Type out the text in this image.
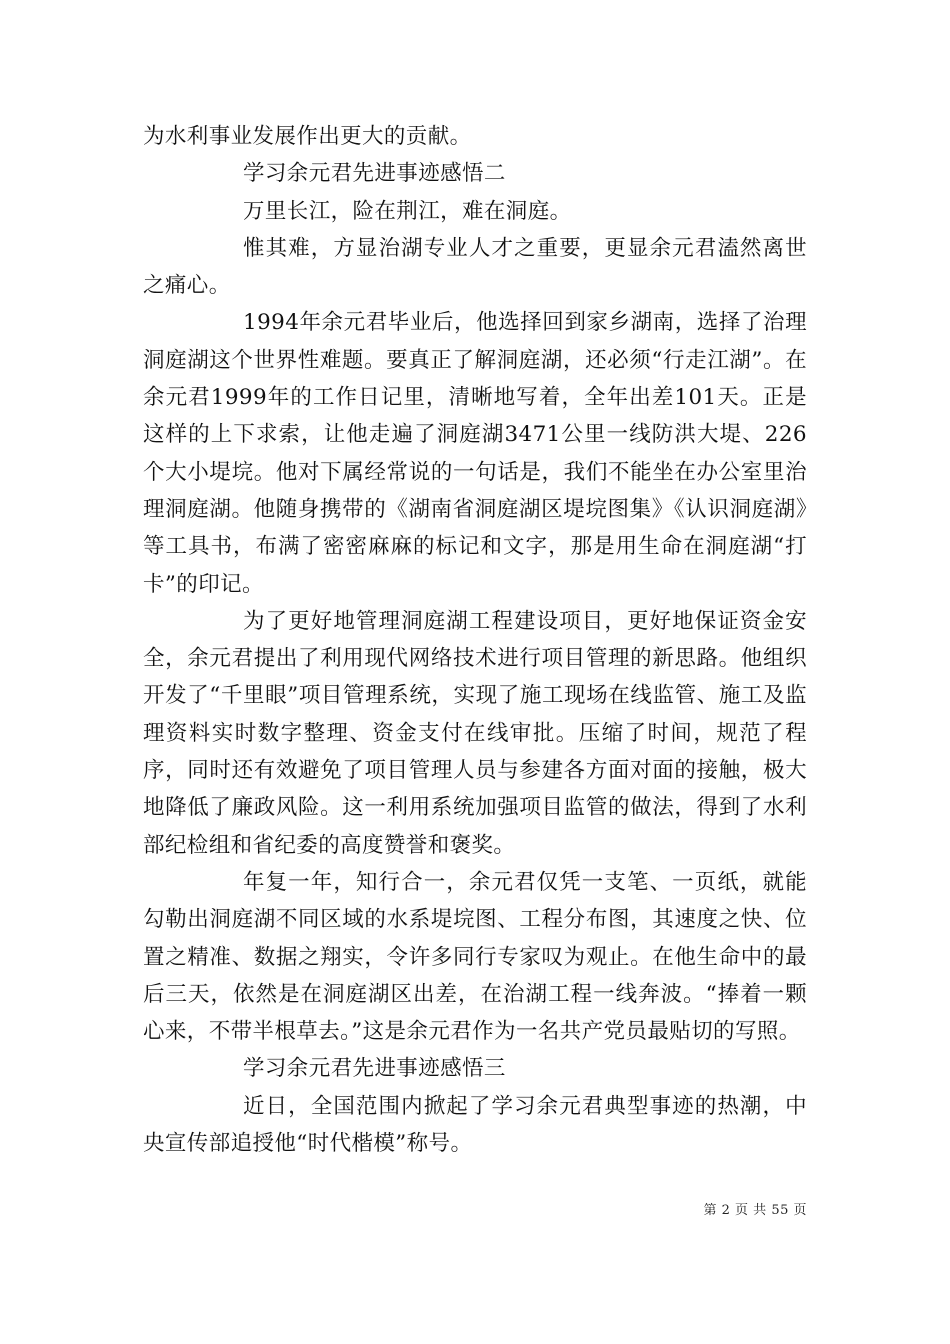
为水利事业发展作出更大的贡献。

学习余元君先进事迹感悟二

万里长江，险在荆江，难在洞庭。

惟其难，方显治湖专业人才之重要，更显余元君溘然离世之痛心。

1994年余元君毕业后，他选择回到家乡湖南，选择了治理洞庭湖这个世界性难题。要真正了解洞庭湖，还必须“行走江湖”。在余元君1999年的工作日记里，清晰地写着，全年出差101天。正是这样的上下求索，让他走遍了洞庭湖3471公里一线防洪大堤、226个大小堤垸。他对下属经常说的一句话是，我们不能坐在办公室里治理洞庭湖。他随身携带的《湖南省洞庭湖区堤垸图集》《认识洞庭湖》等工具书，布满了密密麻麻的标记和文字，那是用生命在洞庭湖“打卡”的印记。

为了更好地管理洞庭湖工程建设项目，更好地保证资金安全，余元君提出了利用现代网络技术进行项目管理的新思路。他组织开发了“千里眼”项目管理系统，实现了施工现场在线监管、施工及监理资料实时数字整理、资金支付在线审批。压缩了时间，规范了程序，同时还有效避免了项目管理人员与参建各方面对面的接触，极大地降低了廉政风险。这一利用系统加强项目监管的做法，得到了水利部纪检组和省纪委的高度赞誉和褒奖。

年复一年，知行合一，余元君仅凭一支笔、一页纸，就能勾勒出洞庭湖不同区域的水系堤垸图、工程分布图，其速度之快、位置之精准、数据之翔实，令许多同行专家叹为观止。在他生命中的最后三天，依然是在洞庭湖区出差，在治湖工程一线奔波。“捧着一颗心来，不带半根草去。”这是余元君作为一名共产党员最贴切的写照。

学习余元君先进事迹感悟三

近日，全国范围内掀起了学习余元君典型事迹的热潮，中央宣传部追授他“时代楷模”称号。

第 2 页 共 55 页
